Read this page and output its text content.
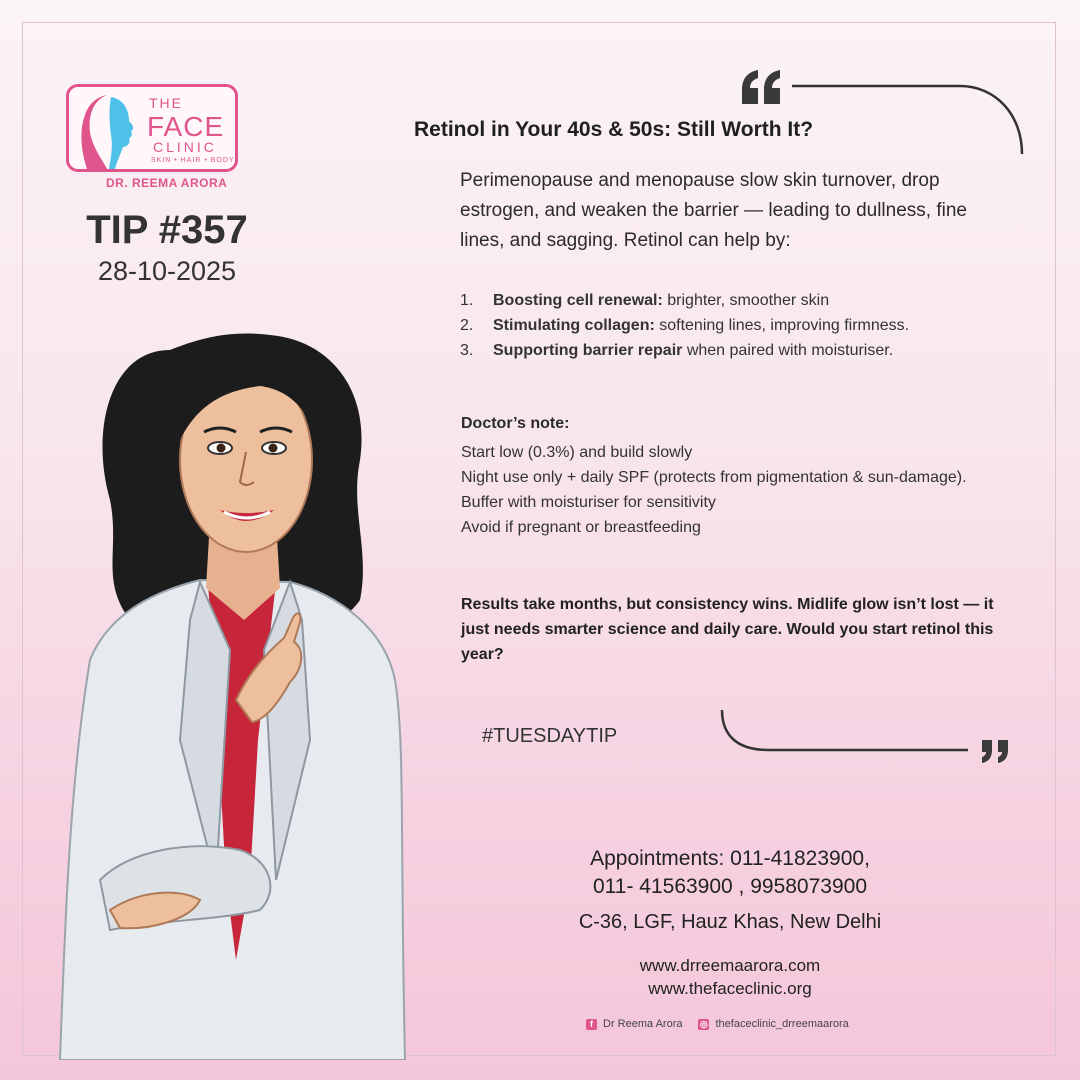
THE
FACE
CLINIC
SKIN • HAIR • BODY
DR. REEMA ARORA
TIP #357
28-10-2025
Retinol in Your 40s & 50s: Still Worth It?

Perimenopause and menopause slow skin turnover, drop estrogen, and weaken the barrier — leading to dullness, fine lines, and sagging. Retinol can help by:

1. Boosting cell renewal: brighter, smoother skin
2. Stimulating collagen: softening lines, improving firmness.
3. Supporting barrier repair when paired with moisturiser.
Doctor’s note:
Start low (0.3%) and build slowly
Night use only + daily SPF (protects from pigmentation & sun-damage).
Buffer with moisturiser for sensitivity
Avoid if pregnant or breastfeeding

Results take months, but consistency wins. Midlife glow isn’t lost — it just needs smarter science and daily care. Would you start retinol this year?

#TUESDAYTIP
Appointments: 011-41823900,
011- 41563900 , 9958073900
C-36, LGF, Hauz Khas, New Delhi
www.drreemaarora.com
www.thefaceclinic.org
f Dr Reema Arora ◎ thefaceclinic_drreemaarora
